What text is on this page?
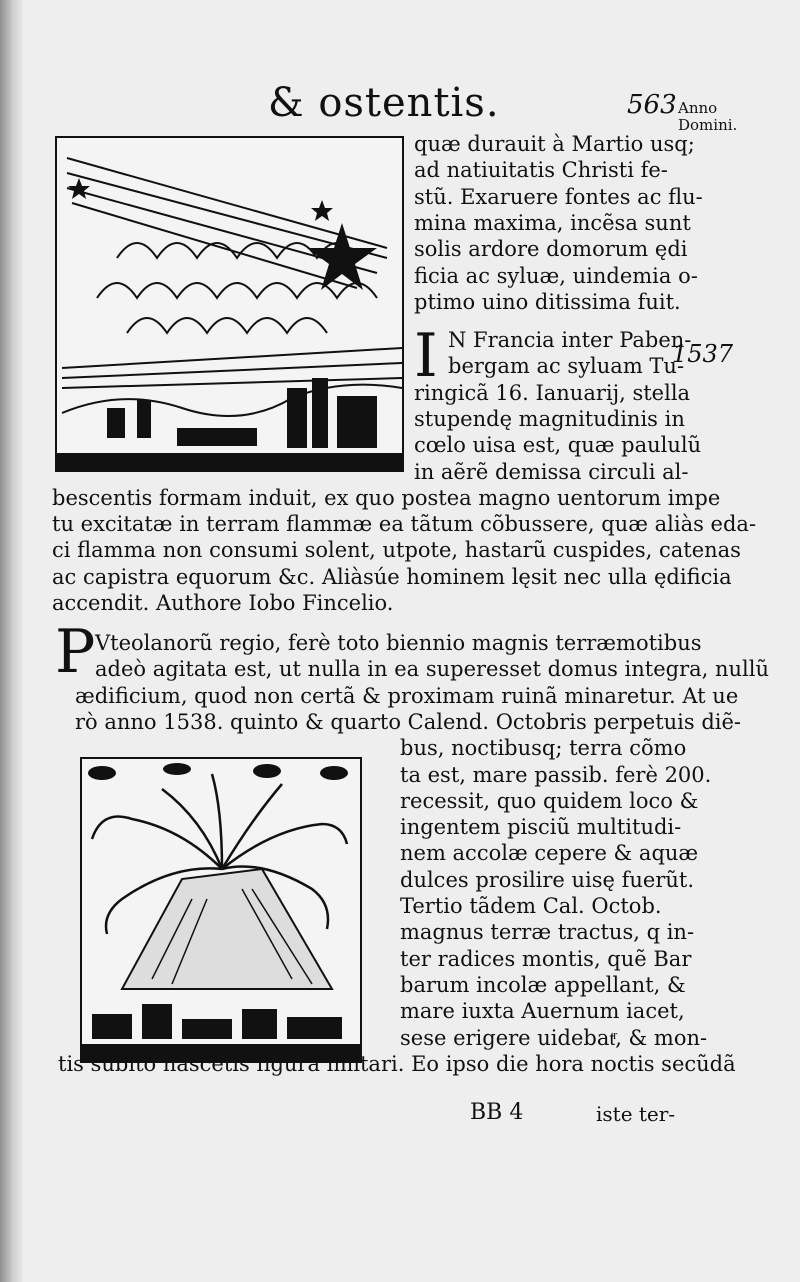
& ostentis.	563 Anno Domini.
1537
quæ durauit à Martio usq;
ad natiuitatis Christi fe-
stũ. Exaruere fontes ac flu-
mina maxima, incẽsa sunt
solis ardore domorum ędi
ficia ac syluæ, uindemia o-
ptimo uino ditissima fuit.
I N Francia inter Paben-
bergam ac syluam Tu-
ringicã 16. Ianuarij, stella
stupendę magnitudinis in
cœlo uisa est, quæ paululũ
in aẽrẽ demissa circuli al-
bescentis formam induit, ex quo postea magno uentorum impe
tu excitatæ in terram flammæ ea tãtum cõbussere, quæ aliàs eda-
ci flamma non consumi solent, utpote, hastarũ cuspides, catenas
ac capistra equorum &c. Aliàsúe hominem lęsit nec ulla ędificia
accendit. Authore Iobo Fincelio.
P Vteolanorũ regio, ferè toto biennio magnis terræmotibus
adeò agitata est, ut nulla in ea superesset domus integra, nullũ
ædificium, quod non certã & proximam ruinã minaretur. At ue
rò anno 1538. quinto & quarto Calend. Octobris perpetuis diẽ-
bus, noctibusq; terra cõmo
ta est, mare passib. ferè 200.
recessit, quo quidem loco &
ingentem pisciũ multitudi-
nem accolæ cepere & aquæ
dulces prosilire uisę fuerũt.
Tertio tãdem Cal. Octob.
magnus terræ tractus, q in-
ter radices montis, quẽ Bar
barum incolæ appellant, &
mare iuxta Auernum iacet,
sese erigere uidebatͬ, & mon-
tis subitò nascẽtis figurã imitari. Eo ipso die hora noctis secũdã
BB 4	iste ter-
